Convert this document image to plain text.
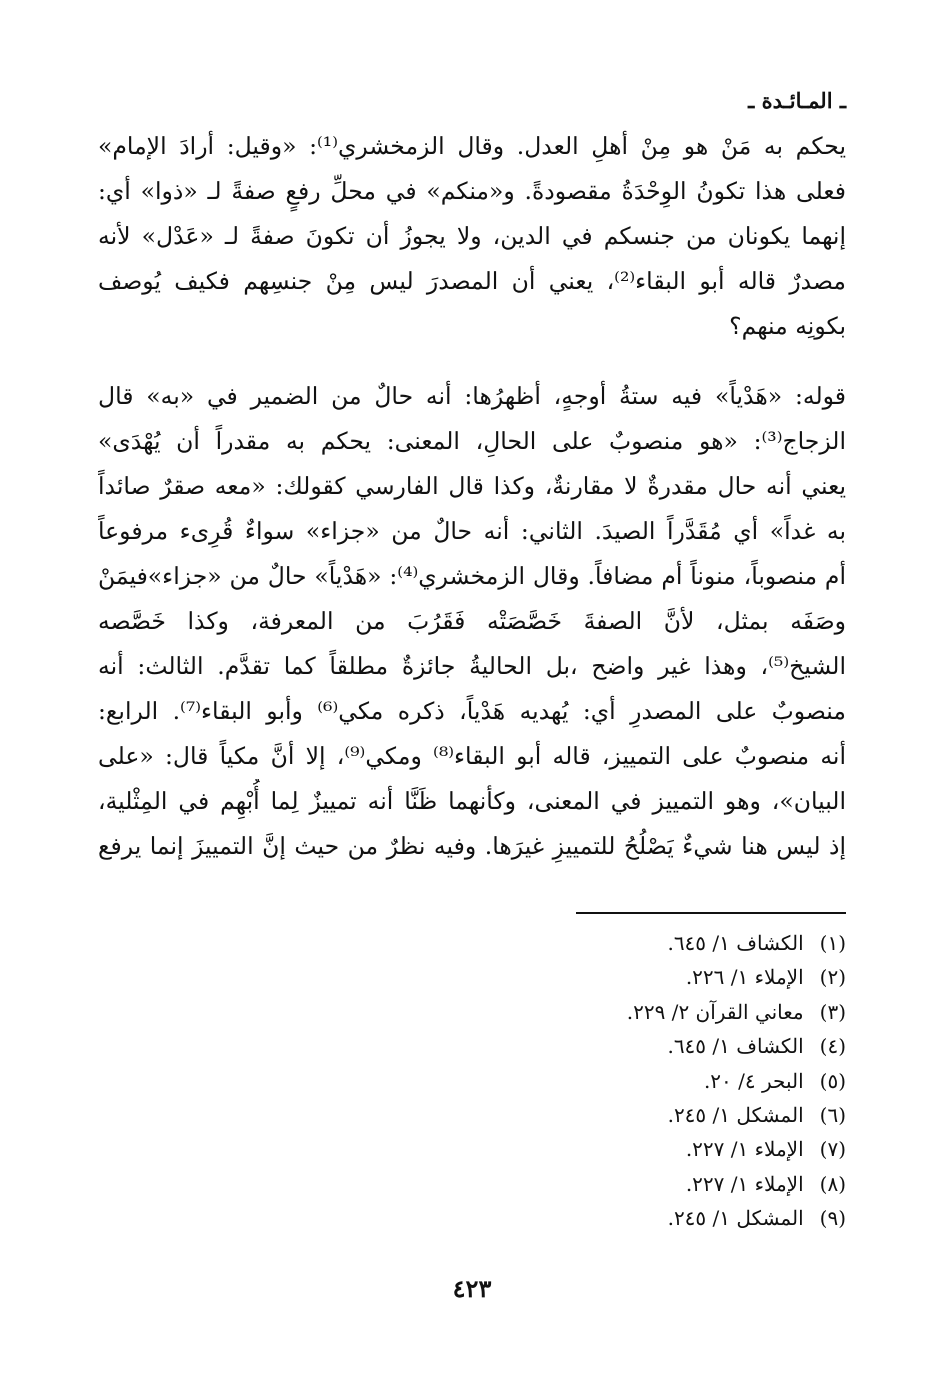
ـ المـائـدة ـ
يحكم به مَنْ هو مِنْ أهلِ العدل. وقال الزمخشري⁽¹⁾: «وقيل: أرادَ الإمام»
فعلى هذا تكونُ الوِحْدَةُ مقصودةً. و«منكم» في محلِّ رفعٍ صفةً لـ «ذوا» أي:
إنهما يكونان من جنسكم في الدين، ولا يجوزُ أن تكونَ صفةً لـ «عَدْل» لأنه
مصدرٌ قاله أبو البقاء⁽²⁾، يعني أن المصدرَ ليس مِنْ جنسِهم فكيف يُوصف
بكونِه منهم؟
قوله: «هَدْياً» فيه ستةُ أوجهٍ، أظهرُها: أنه حالٌ من الضمير في «به» قال
الزجاج⁽³⁾: «هو منصوبٌ على الحالِ، المعنى: يحكم به مقدراً أن يُهْدَى»
يعني أنه حال مقدرةٌ لا مقارنةٌ، وكذا قال الفارسي كقولك: «معه صقرٌ صائداً
به غداً» أي مُقَدَّراً الصيدَ. الثاني: أنه حالٌ من «جزاء» سواءٌ قُرِىء مرفوعاً
أم منصوباً، منوناً أم مضافاً. وقال الزمخشري⁽⁴⁾: «هَدْياً» حالٌ من «جزاء»فيمَنْ
وصَفَه بمثل، لأنَّ الصفةَ خَصَّصَتْه فَقَرُبَ من المعرفة، وكذا خَصَّصه
الشيخ⁽⁵⁾، وهذا غير واضح ،بل الحاليةُ جائزةٌ مطلقاً كما تقدَّم. الثالث: أنه
منصوبٌ على المصدرِ أي: يُهديه هَدْياً، ذكره مكي⁽⁶⁾ وأبو البقاء⁽⁷⁾. الرابع:
أنه منصوبٌ على التمييز، قاله أبو البقاء⁽⁸⁾ ومكي⁽⁹⁾، إلا أنَّ مكياً قال: «على
البيان»، وهو التمييز في المعنى، وكأنهما ظَنَّا أنه تمييزٌ لِما أُبْهِم في المِثْلية،
إذ ليس هنا شيءٌ يَصْلُحُ للتمييزِ غيرَها. وفيه نظرٌ من حيث إنَّ التمييزَ إنما يرفع
(١) الكشاف ١/ ٦٤٥.
(٢) الإملاء ١/ ٢٢٦.
(٣) معاني القرآن ٢/ ٢٢٩.
(٤) الكشاف ١/ ٦٤٥.
(٥) البحر ٤/ ٢٠.
(٦) المشكل ١/ ٢٤٥.
(٧) الإملاء ١/ ٢٢٧.
(٨) الإملاء ١/ ٢٢٧.
(٩) المشكل ١/ ٢٤٥.
٤٢٣
